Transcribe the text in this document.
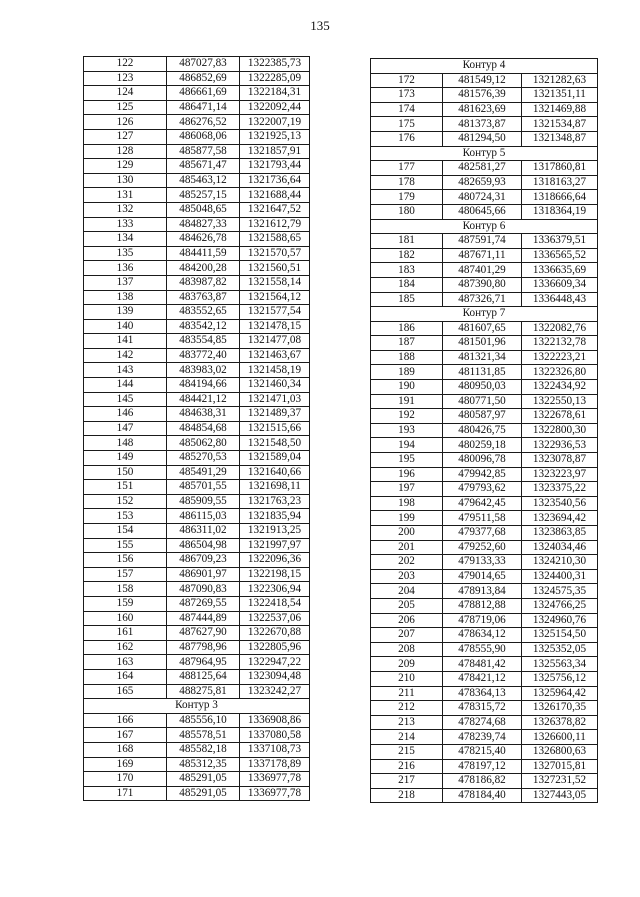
135
122	487027,83	1322385,73
123	486852,69	1322285,09
124	486661,69	1322184,31
125	486471,14	1322092,44
126	486276,52	1322007,19
127	486068,06	1321925,13
128	485877,58	1321857,91
129	485671,47	1321793,44
130	485463,12	1321736,64
131	485257,15	1321688,44
132	485048,65	1321647,52
133	484827,33	1321612,79
134	484626,78	1321588,65
135	484411,59	1321570,57
136	484200,28	1321560,51
137	483987,82	1321558,14
138	483763,87	1321564,12
139	483552,65	1321577,54
140	483542,12	1321478,15
141	483554,85	1321477,08
142	483772,40	1321463,67
143	483983,02	1321458,19
144	484194,66	1321460,34
145	484421,12	1321471,03
146	484638,31	1321489,37
147	484854,68	1321515,66
148	485062,80	1321548,50
149	485270,53	1321589,04
150	485491,29	1321640,66
151	485701,55	1321698,11
152	485909,55	1321763,23
153	486115,03	1321835,94
154	486311,02	1321913,25
155	486504,98	1321997,97
156	486709,23	1322096,36
157	486901,97	1322198,15
158	487090,83	1322306,94
159	487269,55	1322418,54
160	487444,89	1322537,06
161	487627,90	1322670,88
162	487798,96	1322805,96
163	487964,95	1322947,22
164	488125,64	1323094,48
165	488275,81	1323242,27
Контур 3		
166	485556,10	1336908,86
167	485578,51	1337080,58
168	485582,18	1337108,73
169	485312,35	1337178,89
170	485291,05	1336977,78
171	485291,05	1336977,78
Контур 4		
172	481549,12	1321282,63
173	481576,39	1321351,11
174	481623,69	1321469,88
175	481373,87	1321534,87
176	481294,50	1321348,87
Контур 5		
177	482581,27	1317860,81
178	482659,93	1318163,27
179	480724,31	1318666,64
180	480645,66	1318364,19
Контур 6		
181	487591,74	1336379,51
182	487671,11	1336565,52
183	487401,29	1336635,69
184	487390,80	1336609,34
185	487326,71	1336448,43
Контур 7		
186	481607,65	1322082,76
187	481501,96	1322132,78
188	481321,34	1322223,21
189	481131,85	1322326,80
190	480950,03	1322434,92
191	480771,50	1322550,13
192	480587,97	1322678,61
193	480426,75	1322800,30
194	480259,18	1322936,53
195	480096,78	1323078,87
196	479942,85	1323223,97
197	479793,62	1323375,22
198	479642,45	1323540,56
199	479511,58	1323694,42
200	479377,68	1323863,85
201	479252,60	1324034,46
202	479133,33	1324210,30
203	479014,65	1324400,31
204	478913,84	1324575,35
205	478812,88	1324766,25
206	478719,06	1324960,76
207	478634,12	1325154,50
208	478555,90	1325352,05
209	478481,42	1325563,34
210	478421,12	1325756,12
211	478364,13	1325964,42
212	478315,72	1326170,35
213	478274,68	1326378,82
214	478239,74	1326600,11
215	478215,40	1326800,63
216	478197,12	1327015,81
217	478186,82	1327231,52
218	478184,40	1327443,05
